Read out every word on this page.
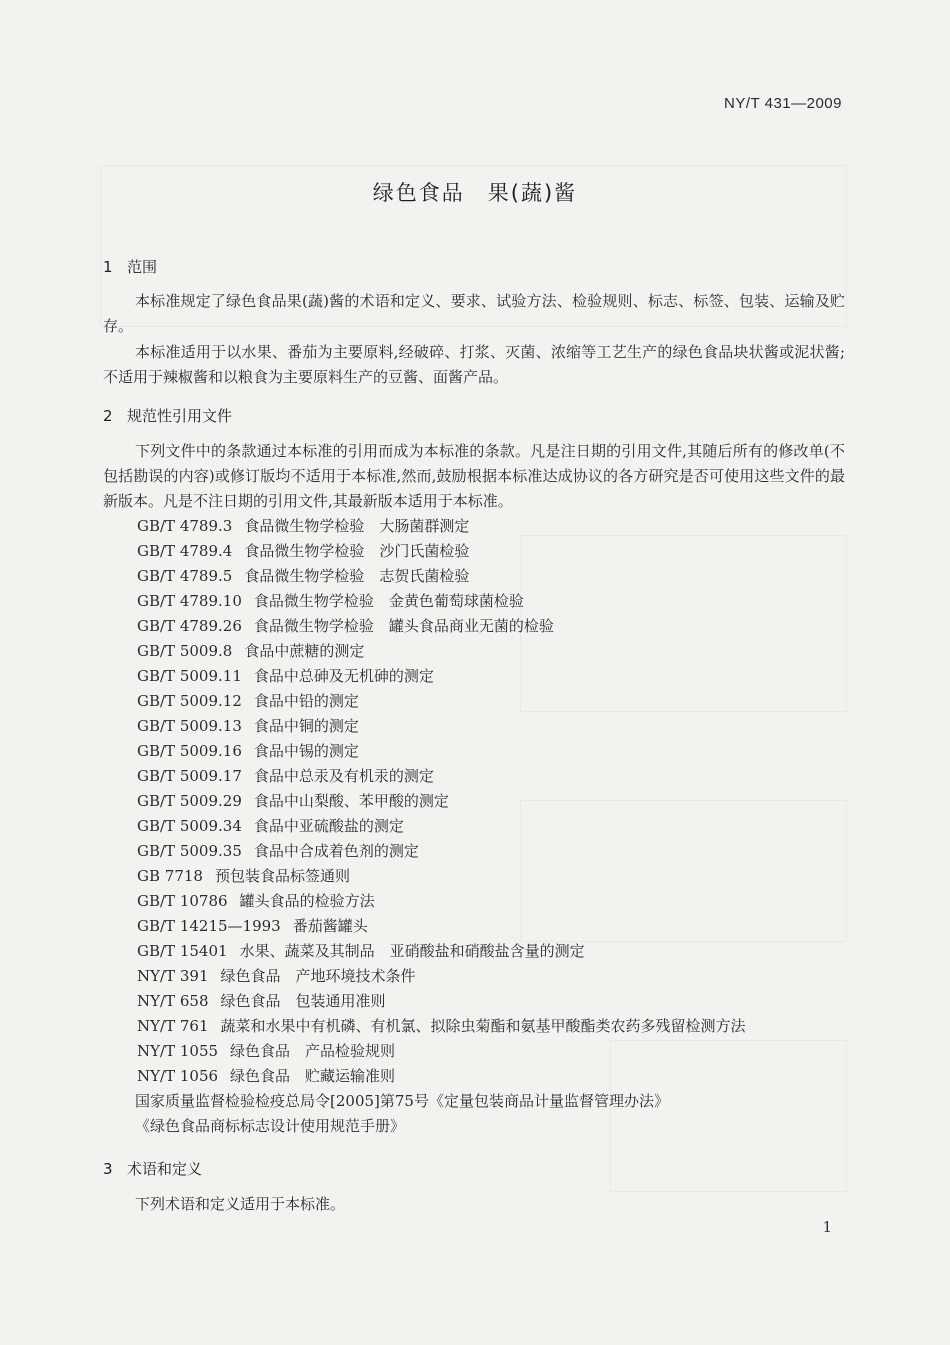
NY/T 431—2009
绿色食品　果(蔬)酱
1 范围
本标准规定了绿色食品果(蔬)酱的术语和定义、要求、试验方法、检验规则、标志、标签、包装、运输及贮存。
本标准适用于以水果、番茄为主要原料,经破碎、打浆、灭菌、浓缩等工艺生产的绿色食品块状酱或泥状酱;不适用于辣椒酱和以粮食为主要原料生产的豆酱、面酱产品。
2 规范性引用文件
下列文件中的条款通过本标准的引用而成为本标准的条款。凡是注日期的引用文件,其随后所有的修改单(不包括勘误的内容)或修订版均不适用于本标准,然而,鼓励根据本标准达成协议的各方研究是否可使用这些文件的最新版本。凡是不注日期的引用文件,其最新版本适用于本标准。
GB/T 4789.3 食品微生物学检验　大肠菌群测定
GB/T 4789.4 食品微生物学检验　沙门氏菌检验
GB/T 4789.5 食品微生物学检验　志贺氏菌检验
GB/T 4789.10 食品微生物学检验　金黄色葡萄球菌检验
GB/T 4789.26 食品微生物学检验　罐头食品商业无菌的检验
GB/T 5009.8 食品中蔗糖的测定
GB/T 5009.11 食品中总砷及无机砷的测定
GB/T 5009.12 食品中铅的测定
GB/T 5009.13 食品中铜的测定
GB/T 5009.16 食品中锡的测定
GB/T 5009.17 食品中总汞及有机汞的测定
GB/T 5009.29 食品中山梨酸、苯甲酸的测定
GB/T 5009.34 食品中亚硫酸盐的测定
GB/T 5009.35 食品中合成着色剂的测定
GB 7718 预包装食品标签通则
GB/T 10786 罐头食品的检验方法
GB/T 14215—1993 番茄酱罐头
GB/T 15401 水果、蔬菜及其制品　亚硝酸盐和硝酸盐含量的测定
NY/T 391 绿色食品　产地环境技术条件
NY/T 658 绿色食品　包装通用准则
NY/T 761 蔬菜和水果中有机磷、有机氯、拟除虫菊酯和氨基甲酸酯类农药多残留检测方法
NY/T 1055 绿色食品　产品检验规则
NY/T 1056 绿色食品　贮藏运输准则
国家质量监督检验检疫总局令[2005]第75号《定量包装商品计量监督管理办法》
《绿色食品商标标志设计使用规范手册》
3 术语和定义
下列术语和定义适用于本标准。
1
